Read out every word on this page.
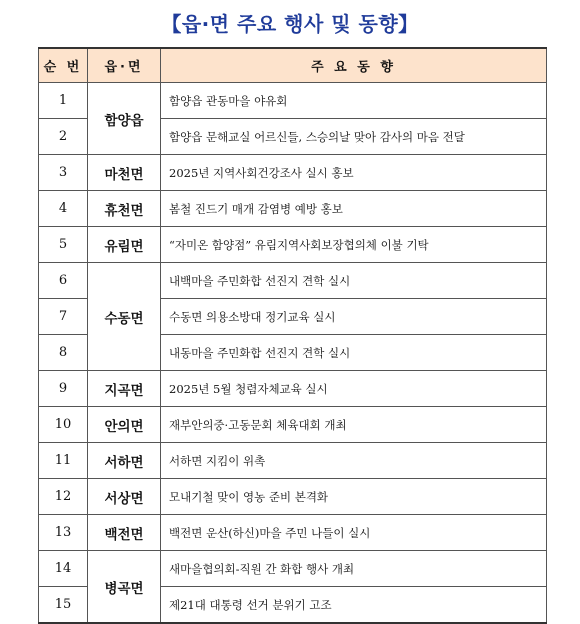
【읍·면 주요 행사 및 동향】
순 번	읍·면	주 요 동 향
1	함양읍	함양읍 관동마을 야유회
2		함양읍 문해교실 어르신들, 스승의날 맞아 감사의 마음 전달
3	마천면	2025년 지역사회건강조사 실시 홍보
4	휴천면	봄철 진드기 매개 감염병 예방 홍보
5	유림면	“자미온 함양점” 유림지역사회보장협의체 이불 기탁
6	수동면	내백마을 주민화합 선진지 견학 실시
7		수동면 의용소방대 정기교육 실시
8		내동마을 주민화합 선진지 견학 실시
9	지곡면	2025년 5월 청렴자체교육 실시
10	안의면	재부안의중·고동문회 체육대회 개최
11	서하면	서하면 지킴이 위촉
12	서상면	모내기철 맞이 영농 준비 본격화
13	백전면	백전면 운산(하신)마을 주민 나들이 실시
14	병곡면	새마을협의회-직원 간 화합 행사 개최
15		제21대 대통령 선거 분위기 고조
